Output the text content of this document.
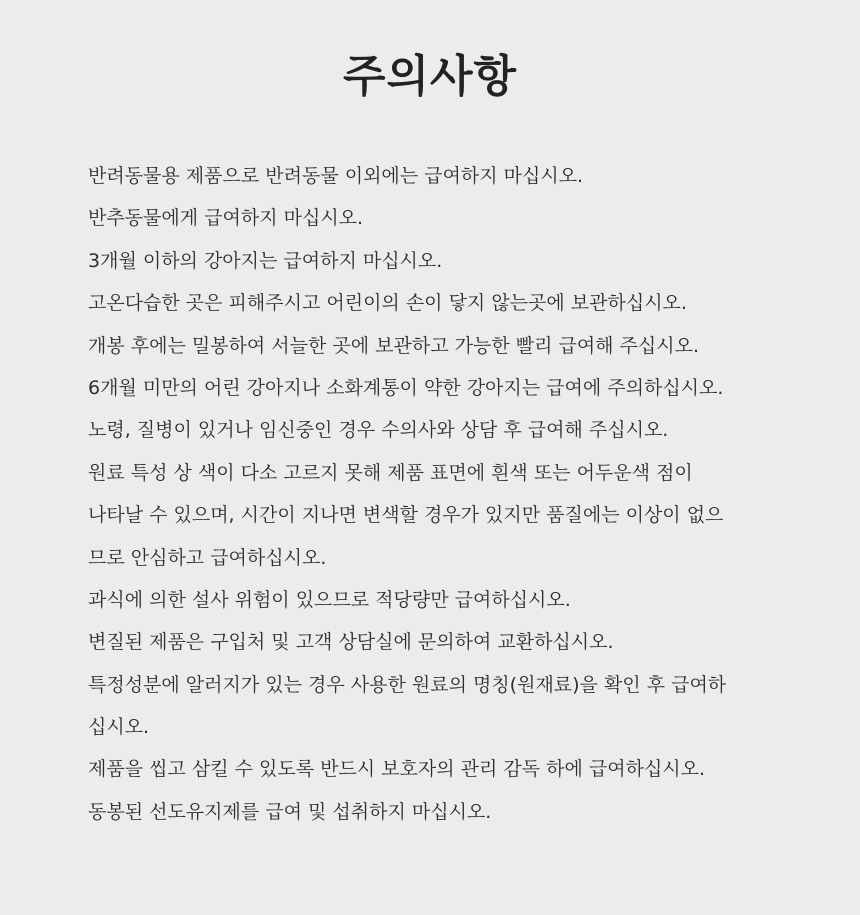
주의사항
반려동물용 제품으로 반려동물 이외에는 급여하지 마십시오.
반추동물에게 급여하지 마십시오.
3개월 이하의 강아지는 급여하지 마십시오.
고온다습한 곳은 피해주시고 어린이의 손이 닿지 않는곳에 보관하십시오.
개봉 후에는 밀봉하여 서늘한 곳에 보관하고 가능한 빨리 급여해 주십시오.
6개월 미만의 어린 강아지나 소화계통이 약한 강아지는 급여에 주의하십시오.
노령, 질병이 있거나 임신중인 경우 수의사와 상담 후 급여해 주십시오.
원료 특성 상 색이 다소 고르지 못해 제품 표면에 흰색 또는 어두운색 점이
나타날 수 있으며, 시간이 지나면 변색할 경우가 있지만 품질에는 이상이 없으
므로 안심하고 급여하십시오.
과식에 의한 설사 위험이 있으므로 적당량만 급여하십시오.
변질된 제품은 구입처 및 고객 상담실에 문의하여 교환하십시오.
특정성분에 알러지가 있는 경우 사용한 원료의 명칭(원재료)을 확인 후 급여하
십시오.
제품을 씹고 삼킬 수 있도록 반드시 보호자의 관리 감독 하에 급여하십시오.
동봉된 선도유지제를 급여 및 섭취하지 마십시오.
